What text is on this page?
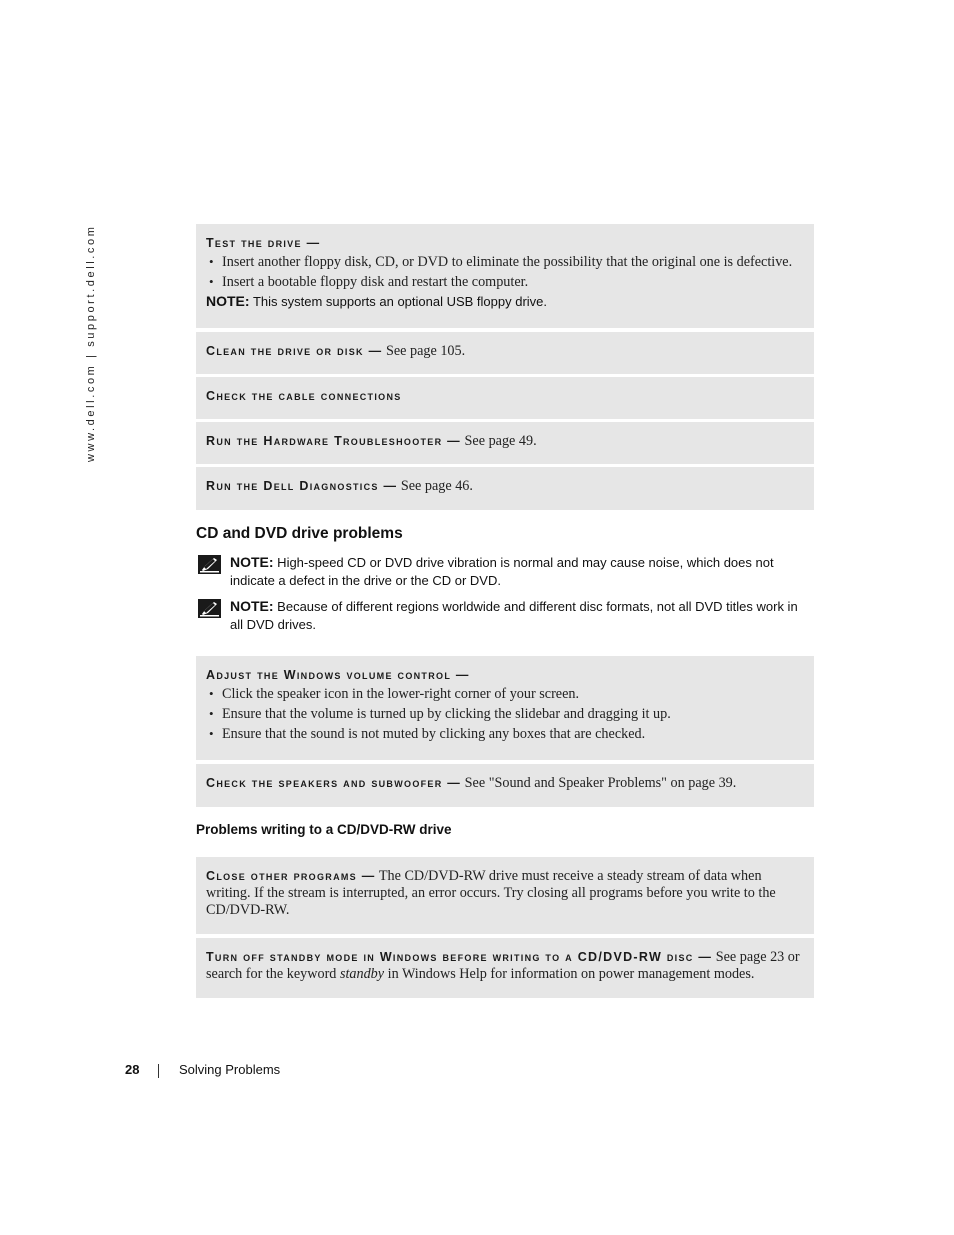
www.dell.com | support.dell.com	Test the drive —
• Insert another floppy disk, CD, or DVD to eliminate the possibility that the original one is defective.
• Insert a bootable floppy disk and restart the computer.
NOTE: This system supports an optional USB floppy drive.
Clean the drive or disk — See page 105.
Check the cable connections
Run the Hardware Troubleshooter — See page 49.
Run the Dell Diagnostics — See page 46.
CD and DVD drive problems
NOTE: High-speed CD or DVD drive vibration is normal and may cause noise, which does not indicate a defect in the drive or the CD or DVD.
NOTE: Because of different regions worldwide and different disc formats, not all DVD titles work in all DVD drives.
Adjust the Windows volume control —
• Click the speaker icon in the lower-right corner of your screen.
• Ensure that the volume is turned up by clicking the slidebar and dragging it up.
• Ensure that the sound is not muted by clicking any boxes that are checked.
Check the speakers and subwoofer — See "Sound and Speaker Problems" on page 39.
Problems writing to a CD/DVD-RW drive
Close other programs — The CD/DVD-RW drive must receive a steady stream of data when writing. If the stream is interrupted, an error occurs. Try closing all programs before you write to the CD/DVD-RW.
Turn off standby mode in Windows before writing to a CD/DVD-RW disc — See page 23 or search for the keyword standby in Windows Help for information on power management modes.
28	Solving Problems
